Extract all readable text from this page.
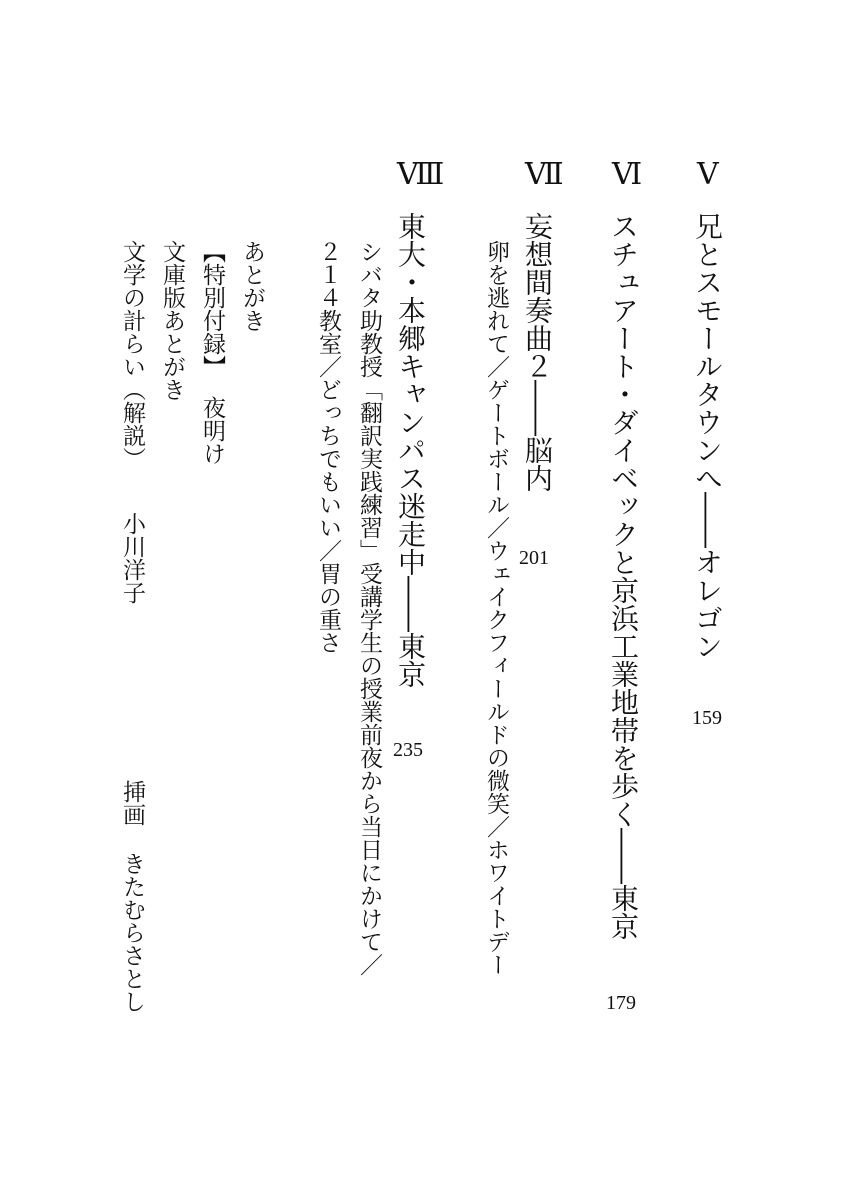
Ⅴ
兄とスモールタウンへ――オレゴン
159
Ⅵ
スチュアート・ダイベックと京浜工業地帯を歩く――東京
179
Ⅶ
妄想間奏曲２――脳内
201
卵を逃れて／ゲートボール／ウェイクフィールドの微笑／ホワイトデー
Ⅷ
東大・本郷キャンパス迷走中――東京
235
シバタ助教授「翻訳実践練習」受講学生の授業前夜から当日にかけて／
２１４教室／どっちでもいい／胃の重さ
あとがき
【特別付録】夜明け
文庫版あとがき
文学の計らい（解説）
小川洋子
挿画
きたむらさとし
